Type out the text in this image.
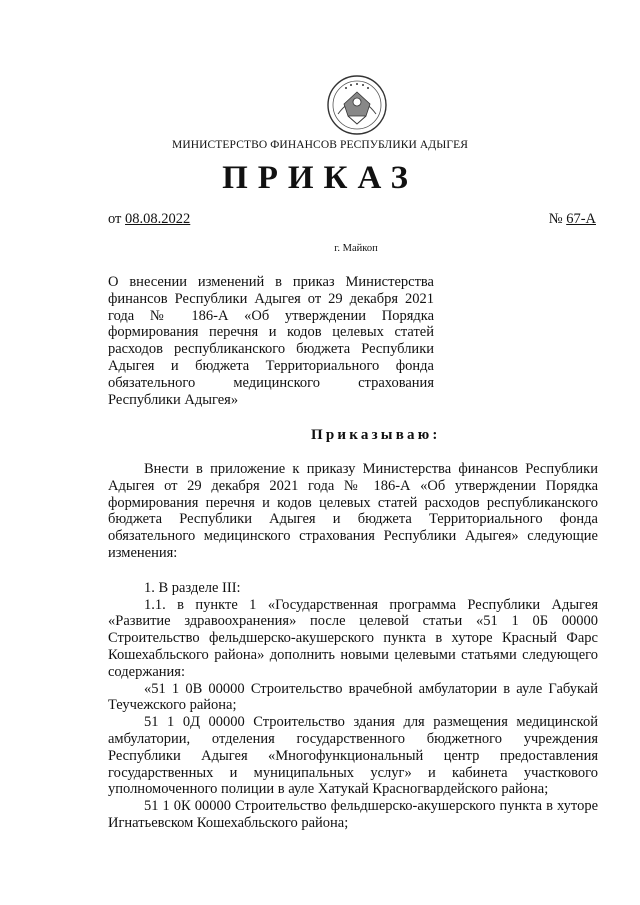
МИНИСТЕРСТВО ФИНАНСОВ РЕСПУБЛИКИ АДЫГЕЯ
ПРИКАЗ
от 08.08.2022	№ 67-А
г. Майкоп
О внесении изменений в приказ Министерства финансов Республики Адыгея от 29 декабря 2021 года № 186-А «Об утверждении Порядка формирования перечня и кодов целевых статей расходов республиканского бюджета Республики Адыгея и бюджета Территориального фонда обязательного медицинского страхования Республики Адыгея»
Приказываю:

Внести в приложение к приказу Министерства финансов Республики Адыгея от 29 декабря 2021 года № 186-А «Об утверждении Порядка формирования перечня и кодов целевых статей расходов республиканского бюджета Республики Адыгея и бюджета Территориального фонда обязательного медицинского страхования Республики Адыгея» следующие изменения:

1. В разделе III:

1.1. в пункте 1 «Государственная программа Республики Адыгея «Развитие здравоохранения» после целевой статьи «51 1 0Б 00000 Строительство фельдшерско-акушерского пункта в хуторе Красный Фарс Кошехабльского района» дополнить новыми целевыми статьями следующего содержания:

«51 1 0В 00000 Строительство врачебной амбулатории в ауле Габукай Теучежского района;

51 1 0Д 00000 Строительство здания для размещения медицинской амбулатории, отделения государственного бюджетного учреждения Республики Адыгея «Многофункциональный центр предоставления государственных и муниципальных услуг» и кабинета участкового уполномоченного полиции в ауле Хатукай Красногвардейского района;

51 1 0К 00000 Строительство фельдшерско-акушерского пункта в хуторе Игнатьевском Кошехабльского района;
